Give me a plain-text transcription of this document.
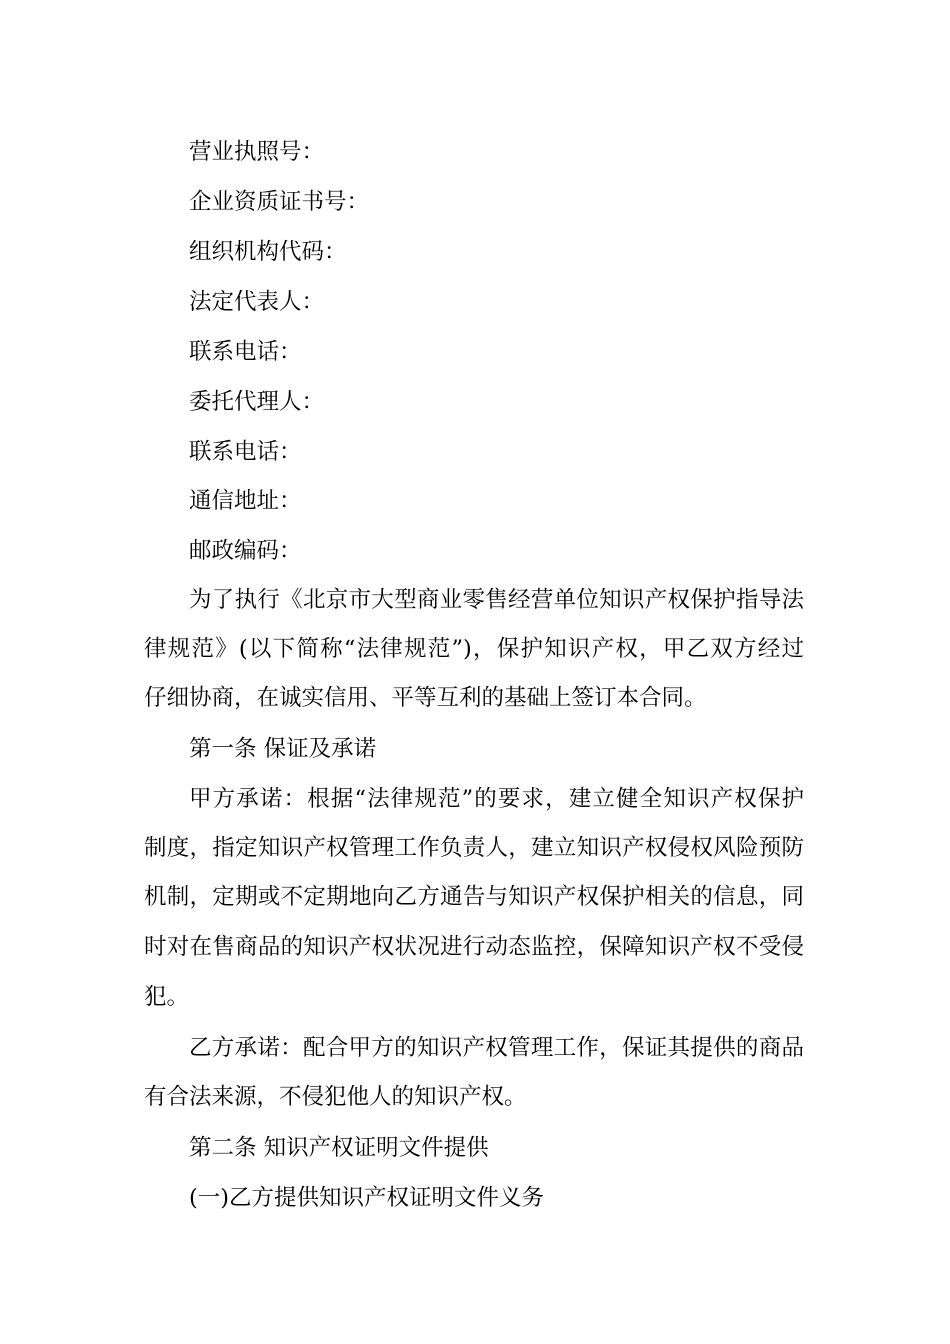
营业执照号：
企业资质证书号：
组织机构代码：
法定代表人：
联系电话：
委托代理人：
联系电话：
通信地址：
邮政编码：
为了执行《北京市大型商业零售经营单位知识产权保护指导法
律规范》(以下简称“法律规范”)，保护知识产权，甲乙双方经过
仔细协商，在诚实信用、平等互利的基础上签订本合同。
第一条 保证及承诺
甲方承诺：根据“法律规范”的要求，建立健全知识产权保护
制度，指定知识产权管理工作负责人，建立知识产权侵权风险预防
机制，定期或不定期地向乙方通告与知识产权保护相关的信息，同
时对在售商品的知识产权状况进行动态监控，保障知识产权不受侵
犯。
乙方承诺：配合甲方的知识产权管理工作，保证其提供的商品
有合法来源，不侵犯他人的知识产权。
第二条 知识产权证明文件提供
(一)乙方提供知识产权证明文件义务
